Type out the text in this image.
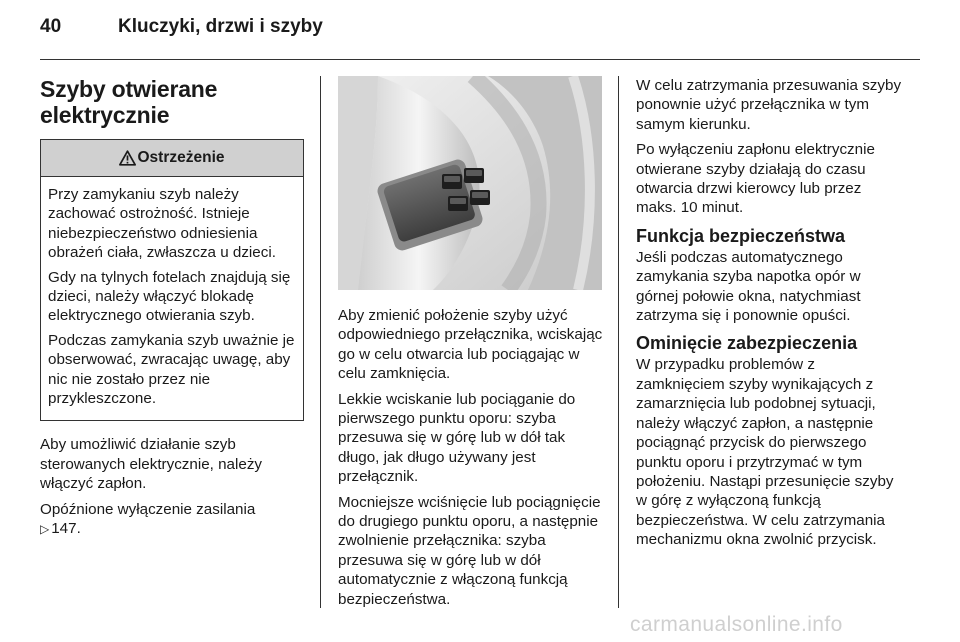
40	Kluczyki, drzwi i szyby
Szyby otwierane
elektrycznie
Ostrzeżenie

Przy zamykaniu szyb należy zachować ostrożność. Istnieje niebezpieczeństwo odniesienia obrażeń ciała, zwłaszcza u dzieci.

Gdy na tylnych fotelach znajdują się dzieci, należy włączyć blokadę elektrycznego otwierania szyb.

Podczas zamykania szyb uważnie je obserwować, zwracając uwagę, aby nic nie zostało przez nie przykleszczone.

Aby umożliwić działanie szyb sterowanych elektrycznie, należy włączyć zapłon.

Opóźnione wyłączenie zasilania
▷ 147.

Aby zmienić położenie szyby użyć odpowiedniego przełącznika, wciskając go w celu otwarcia lub pociągając w celu zamknięcia.

Lekkie wciskanie lub pociąganie do pierwszego punktu oporu: szyba przesuwa się w górę lub w dół tak długo, jak długo używany jest przełącznik.

Mocniejsze wciśnięcie lub pociągnięcie do drugiego punktu oporu, a następnie zwolnienie przełącznika: szyba przesuwa się w górę lub w dół automatycznie z włączoną funkcją bezpieczeństwa.

W celu zatrzymania przesuwania szyby ponownie użyć przełącznika w tym samym kierunku.

Po wyłączeniu zapłonu elektrycznie otwierane szyby działają do czasu otwarcia drzwi kierowcy lub przez maks. 10 minut.

Funkcja bezpieczeństwa

Jeśli podczas automatycznego zamykania szyba napotka opór w górnej połowie okna, natychmiast zatrzyma się i ponownie opuści.

Ominięcie zabezpieczenia

W przypadku problemów z zamknięciem szyby wynikających z zamarznięcia lub podobnej sytuacji, należy włączyć zapłon, a następnie pociągnąć przycisk do pierwszego punktu oporu i przytrzymać w tym położeniu. Nastąpi przesunięcie szyby w górę z wyłączoną funkcją bezpieczeństwa. W celu zatrzymania mechanizmu okna zwolnić przycisk.

carmanualsonline.info
